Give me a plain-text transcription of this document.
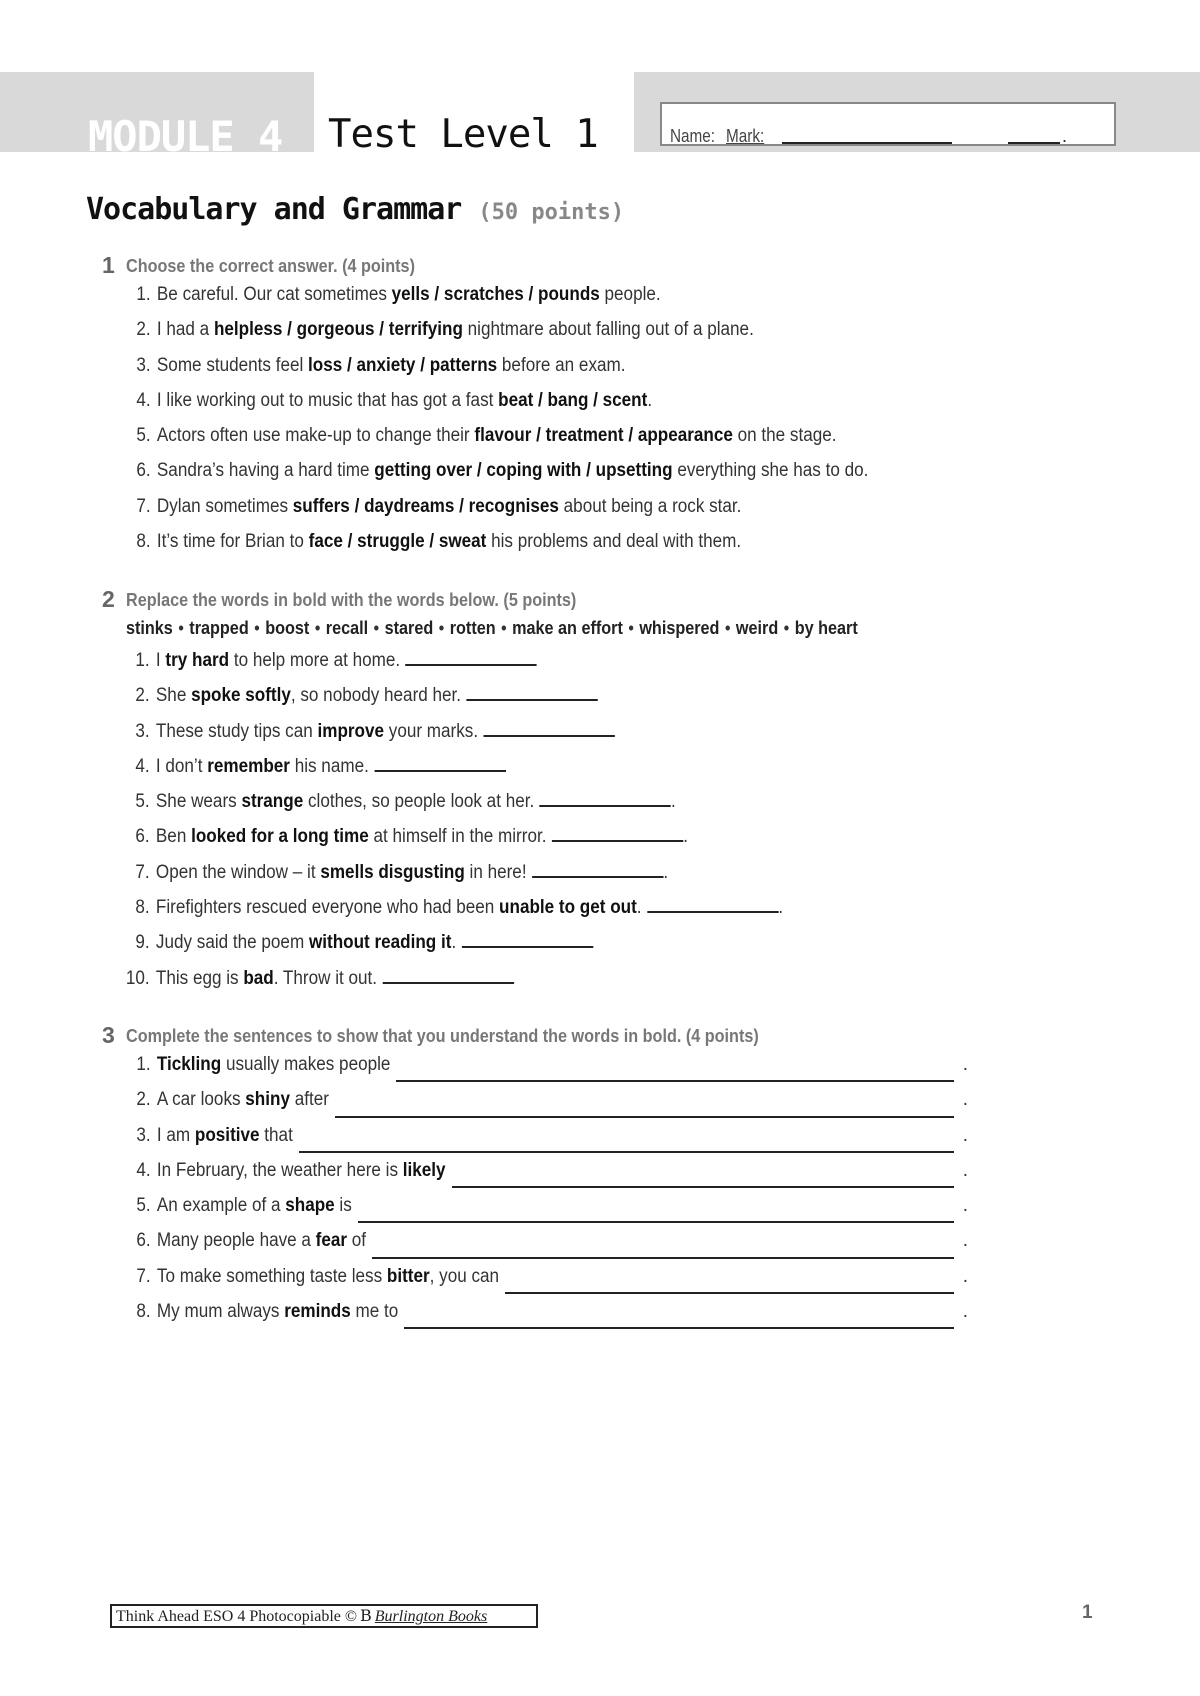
MODULE 4 Test Level 1	Name: Mark:	.
Vocabulary and Grammar (50 points)
1 Choose the correct answer. (4 points)
1. Be careful. Our cat sometimes yells / scratches / pounds people.
2. I had a helpless / gorgeous / terrifying nightmare about falling out of a plane.
3. Some students feel loss / anxiety / patterns before an exam.
4. I like working out to music that has got a fast beat / bang / scent.
5. Actors often use make-up to change their flavour / treatment / appearance on the stage.
6. Sandra’s having a hard time getting over / coping with / upsetting everything she has to do.
7. Dylan sometimes suffers / daydreams / recognises about being a rock star.
8. It’s time for Brian to face / struggle / sweat his problems and deal with them.
2 Replace the words in bold with the words below. (5 points)
stinks • trapped • boost • recall • stared • rotten • make an effort • whispered • weird • by heart
1. I try hard to help more at home.
2. She spoke softly, so nobody heard her.
3. These study tips can improve your marks.
4. I don’t remember his name.
5. She wears strange clothes, so people look at her.	.
6. Ben looked for a long time at himself in the mirror.	.
7. Open the window – it smells disgusting in here!	.
8. Firefighters rescued everyone who had been unable to get out.	.
9. Judy said the poem without reading it.
10. This egg is bad. Throw it out.
3 Complete the sentences to show that you understand the words in bold. (4 points)
1. Tickling usually makes people	.
2. A car looks shiny after	.
3. I am positive that	.
4. In February, the weather here is likely	.
5. An example of a shape is	.
6. Many people have a fear of	.
7. To make something taste less bitter, you can	.
8. My mum always reminds me to	.
Think Ahead ESO 4 Photocopiable © B Burlington Books	1
